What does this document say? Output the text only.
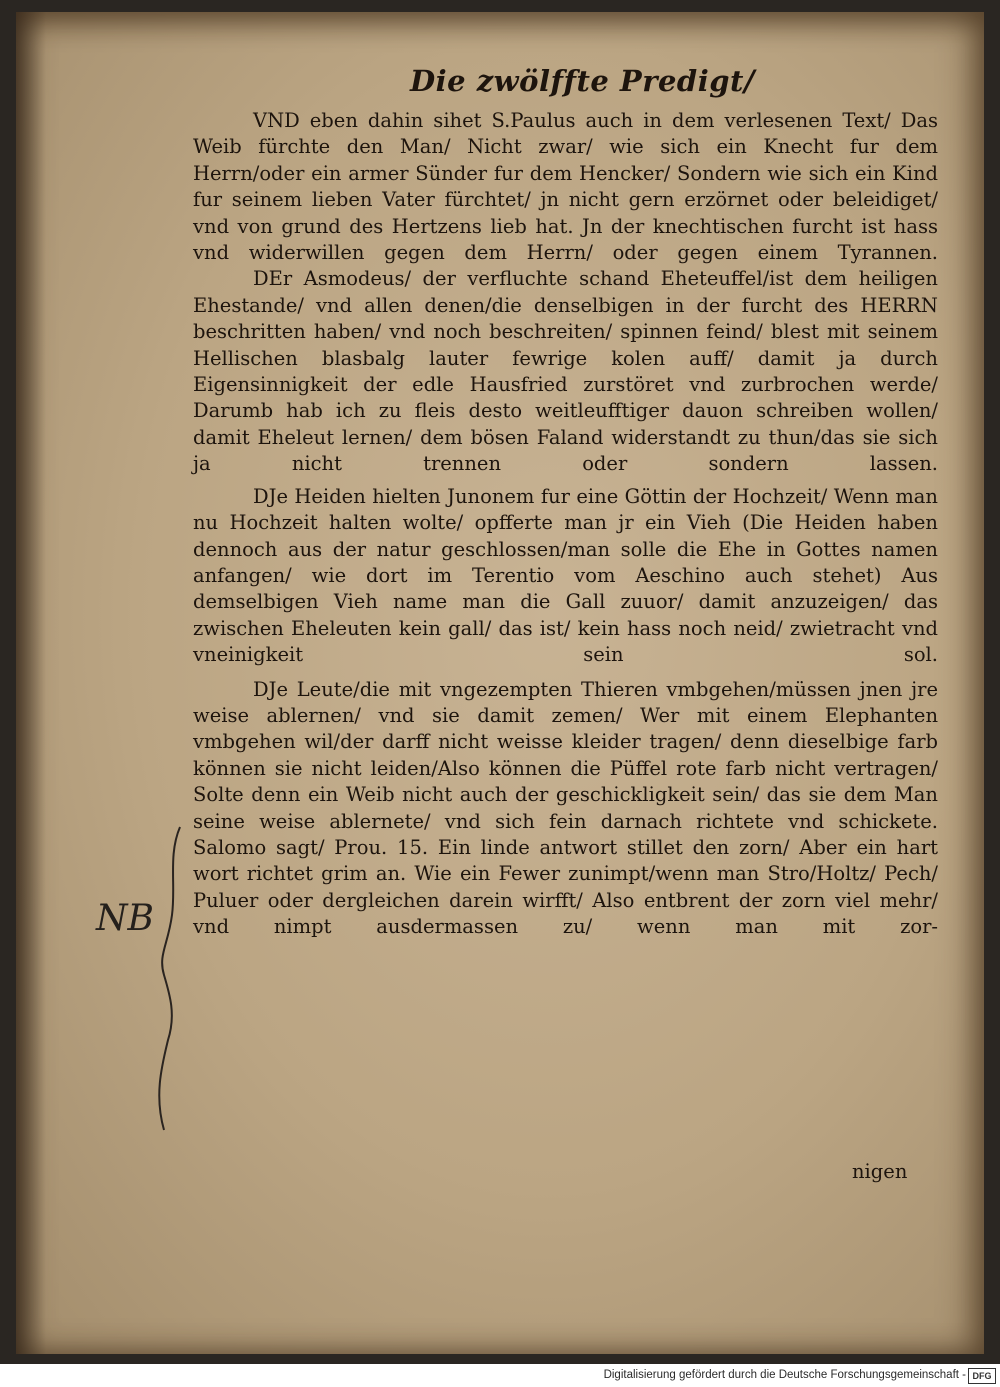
Die zwölffte Predigt/

VND eben dahin sihet S.Paulus auch in dem verlesenen Text/ Das Weib fürchte den Man/ Nicht zwar/ wie sich ein Knecht fur dem Herrn/oder ein armer Sünder fur dem Hencker/ Sondern wie sich ein Kind fur seinem lieben Vater fürchtet/ jn nicht gern erzörnet oder beleidiget/ vnd von grund des Hertzens lieb hat. Jn der knechtischen furcht ist hass vnd widerwillen gegen dem Herrn/ oder gegen einem Tyrannen.

DEr Asmodeus/ der verfluchte schand Eheteuffel/ist dem heiligen Ehestande/ vnd allen denen/die denselbigen in der furcht des HERRN beschritten haben/ vnd noch beschreiten/ spinnen feind/ blest mit seinem Hellischen blasbalg lauter fewrige kolen auff/ damit ja durch Eigensinnigkeit der edle Hausfried zurstöret vnd zurbrochen werde/ Darumb hab ich zu fleis desto weitleufftiger dauon schreiben wollen/ damit Eheleut lernen/ dem bösen Faland widerstandt zu thun/das sie sich ja nicht trennen oder sondern lassen.

DJe Heiden hielten Junonem fur eine Göttin der Hochzeit/ Wenn man nu Hochzeit halten wolte/ opfferte man jr ein Vieh (Die Heiden haben dennoch aus der natur geschlossen/man solle die Ehe in Gottes namen anfangen/ wie dort im Terentio vom Aeschino auch stehet) Aus demselbigen Vieh name man die Gall zuuor/ damit anzuzeigen/ das zwischen Eheleuten kein gall/ das ist/ kein hass noch neid/ zwietracht vnd vneinigkeit sein sol.

DJe Leute/die mit vngezempten Thieren vmbgehen/müssen jnen jre weise ablernen/ vnd sie damit zemen/ Wer mit einem Elephanten vmbgehen wil/der darff nicht weisse kleider tragen/ denn dieselbige farb können sie nicht leiden/Also können die Püffel rote farb nicht vertragen/ Solte denn ein Weib nicht auch der geschickligkeit sein/ das sie dem Man seine weise ablernete/ vnd sich fein darnach richtete vnd schickete. Salomo sagt/ Prou. 15. Ein linde antwort stillet den zorn/ Aber ein hart wort richtet grim an. Wie ein Fewer zunimpt/wenn man Stro/Holtz/ Pech/ Puluer oder dergleichen darein wirfft/ Also entbrent der zorn viel mehr/ vnd nimpt ausdermassen zu/ wenn man mit zor-

nigen
NB
Digitalisierung gefördert durch die Deutsche Forschungsgemeinschaft - DFG
